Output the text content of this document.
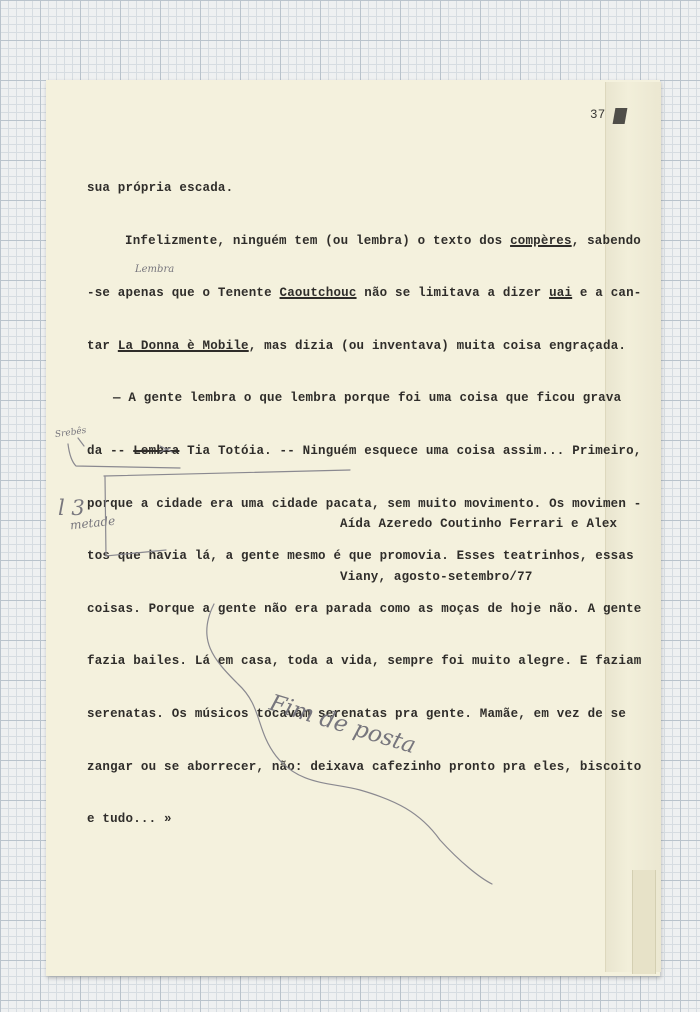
37

sua própria escada.

Infelizmente, ninguém tem (ou lembra) o texto dos compères, sabendo

-se apenas que o Tenente Caoutchouc não se limitava a dizer uai e a can-

tar La Donna è Mobile, mas dizia (ou inventava) muita coisa engraçada.

— A gente lembra o que lembra porque foi uma coisa que ficou grava

da -- Lembra Tia Totóia. -- Ninguém esquece uma coisa assim... Primeiro,

porque a cidade era uma cidade pacata, sem muito movimento. Os movimen -

tos que havia lá, a gente mesmo é que promovia. Esses teatrinhos, essas

coisas. Porque a gente não era parada como as moças de hoje não. A gente

fazia bailes. Lá em casa, toda a vida, sempre foi muito alegre. E faziam

serenatas. Os músicos tocavam serenatas pra gente. Mamãe, em vez de se

zangar ou se aborrecer, não: deixava cafezinho pronto pra eles, biscoito

e tudo... »

Aída Azeredo Coutinho Ferrari e Alex

Viany, agosto-setembro/77

Lembra
Srebês
l 3
metade
Fim de posta
